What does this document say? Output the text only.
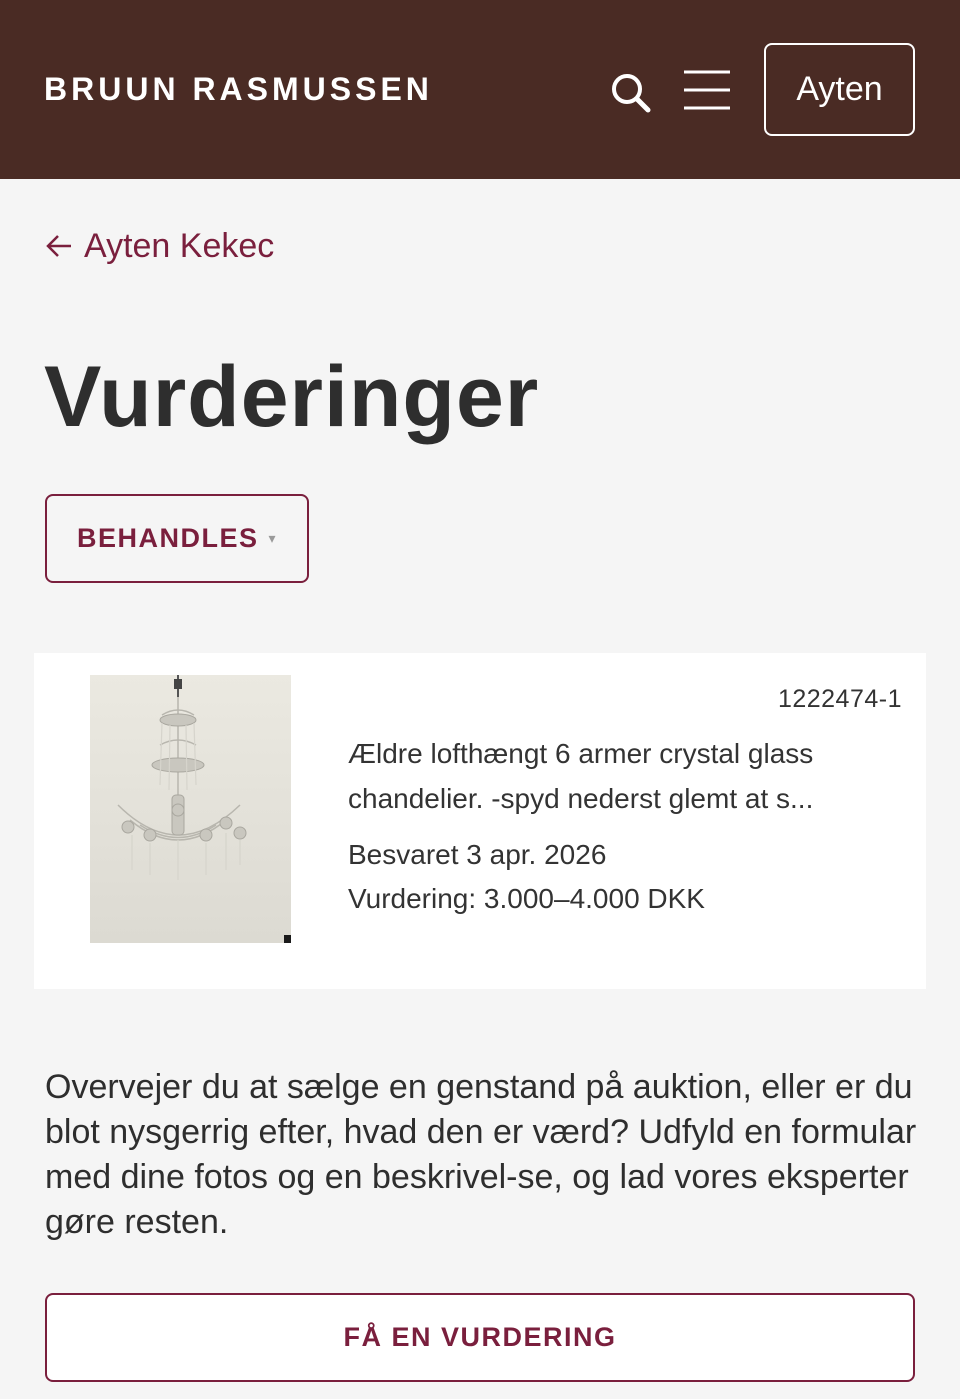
BRUUN RASMUSSEN	Ayten
Ayten Kekec
Vurderinger
BEHANDLES ▾
1222474-1
Ældre lofthængt 6 armer crystal glass chandelier. -spyd nederst glemt at s...
Besvaret 3 apr. 2026
Vurdering: 3.000–4.000 DKK

Overvejer du at sælge en genstand på auktion, eller er du blot nysgerrig efter, hvad den er værd? Udfyld en formular med dine fotos og en beskrivel-se, og lad vores eksperter gøre resten.

FÅ EN VURDERING
